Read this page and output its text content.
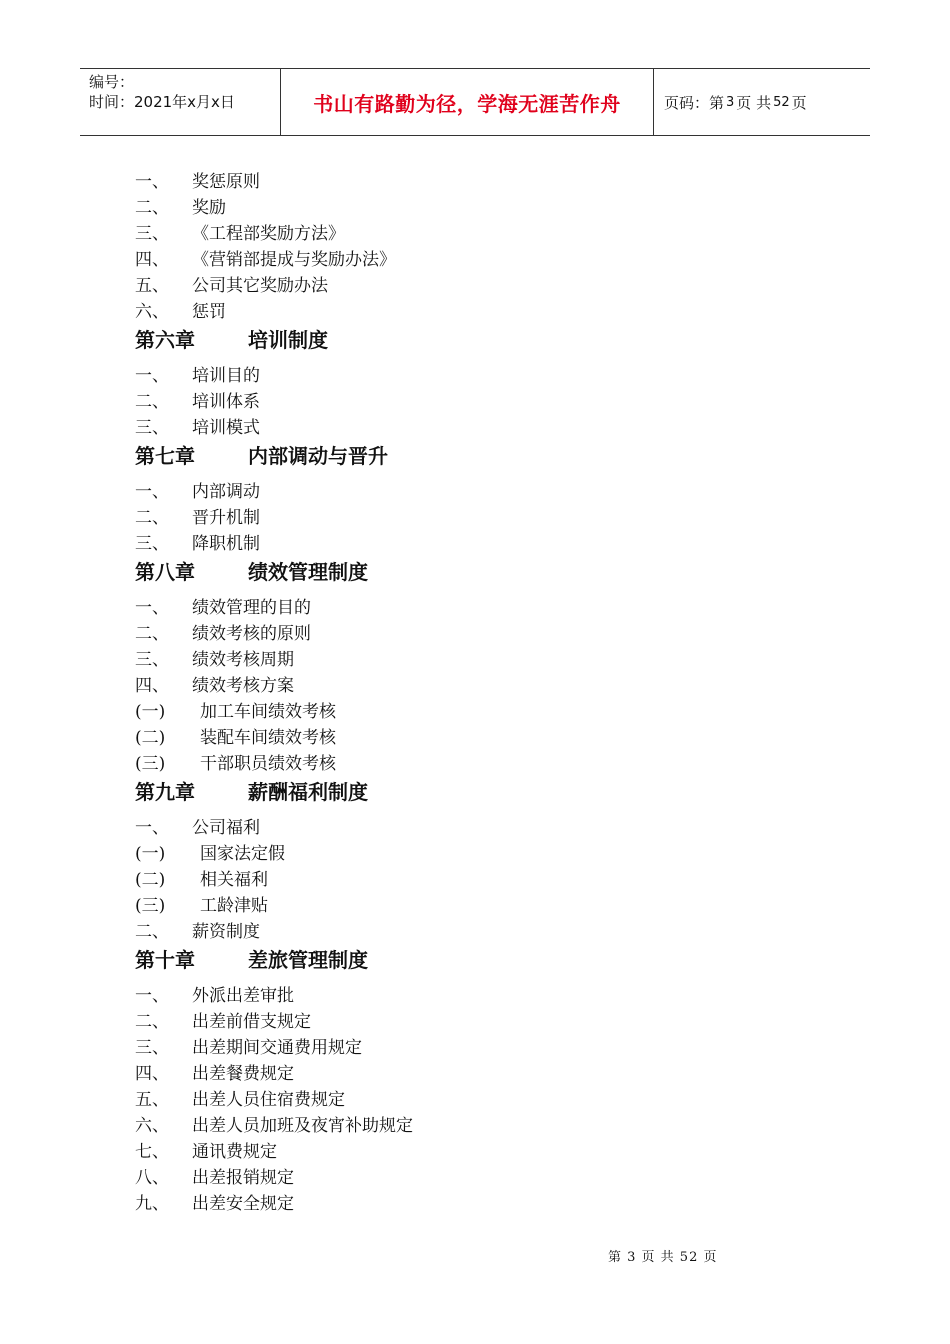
编号：
时间：2021年x月x日	书山有路勤为径，学海无涯苦作舟	页码：第 3 页 共 52 页
一、 奖惩原则
二、 奖励
三、 《工程部奖励方法》
四、 《营销部提成与奖励办法》
五、 公司其它奖励办法
六、 惩罚
第六章	培训制度
一、 培训目的
二、 培训体系
三、 培训模式
第七章	内部调动与晋升
一、 内部调动
二、 晋升机制
三、 降职机制
第八章	绩效管理制度
一、 绩效管理的目的
二、 绩效考核的原则
三、 绩效考核周期
四、 绩效考核方案
(一) 加工车间绩效考核
(二) 装配车间绩效考核
(三) 干部职员绩效考核
第九章	薪酬福利制度
一、 公司福利
(一) 国家法定假
(二) 相关福利
(三) 工龄津贴
二、 薪资制度
第十章	差旅管理制度
一、 外派出差审批
二、 出差前借支规定
三、 出差期间交通费用规定
四、 出差餐费规定
五、 出差人员住宿费规定
六、 出差人员加班及夜宵补助规定
七、 通讯费规定
八、 出差报销规定
九、 出差安全规定
第 3 页 共 52 页
